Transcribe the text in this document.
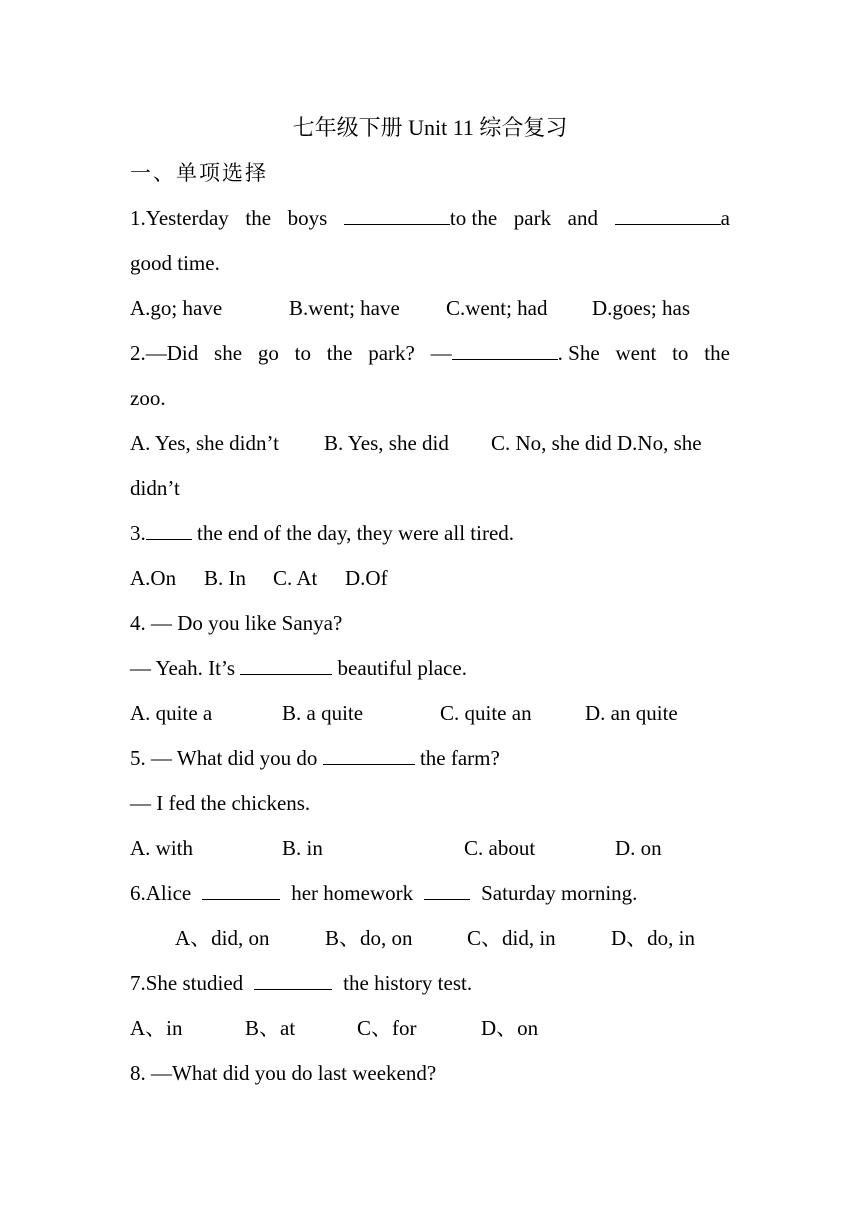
七年级下册 Unit 11 综合复习
一、单项选择
1.Yesterday the boys	to the park and	a
good time.
A.go; have	B.went; have C.went; had D.goes; has
2.—Did she go to the park? —	. She went to the
zoo.
A. Yes, she didn’t B. Yes, she did C. No, she did D.No, she
didn’t
3. the end of the day, they were all tired.
A.On B. In C. At D.Of
4. — Do you like Sanya?
— Yeah. It’s	beautiful place.
A. quite a	B. a quite	C. quite an	D. an quite
5. — What did you do	the farm?
— I fed the chickens.
A. with	B. in	C. about	D. on
6.Alice	her homework	Saturday morning.
A、did, on	B、do, on	C、did, in	D、do, in
7.She studied	the history test.
A、in	B、at	C、for	D、on
8. —What did you do last weekend?
